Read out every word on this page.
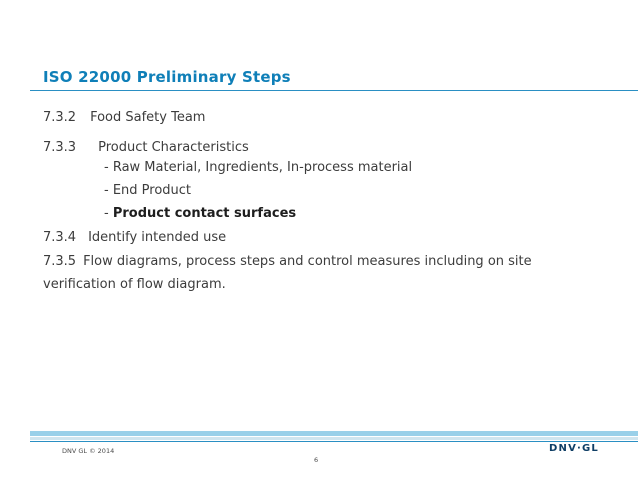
ISO 22000 Preliminary Steps
7.3.2 Food Safety Team
7.3.3 Product Characteristics
- Raw Material, Ingredients, In-process material
- End Product
- Product contact surfaces
7.3.4 Identify intended use
7.3.5 Flow diagrams, process steps and control measures including on site
verification of flow diagram.
DNV GL © 2014
6
DNV·GL
